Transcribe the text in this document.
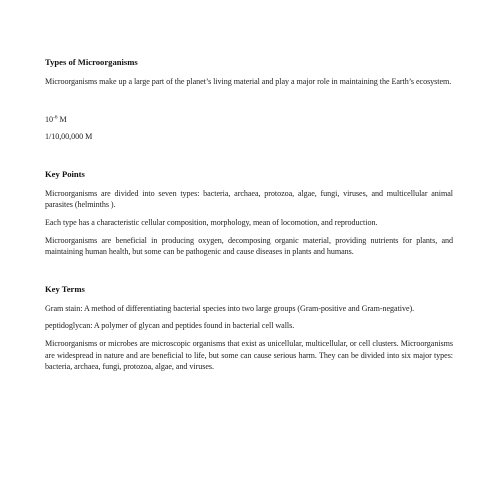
Types of Microorganisms

Microorganisms make up a large part of the planet’s living material and play a major role in maintaining the Earth’s ecosystem.

$10^{-6}$ M

1/10,00,000 M

Key Points

Microorganisms are divided into seven types: bacteria, archaea, protozoa, algae, fungi, viruses, and multicellular animal parasites (helminths ).

Each type has a characteristic cellular composition, morphology, mean of locomotion, and reproduction.

Microorganisms are beneficial in producing oxygen, decomposing organic material, providing nutrients for plants, and maintaining human health, but some can be pathogenic and cause diseases in plants and humans.

Key Terms

Gram stain: A method of differentiating bacterial species into two large groups (Gram-positive and Gram-negative).

peptidoglycan: A polymer of glycan and peptides found in bacterial cell walls.

Microorganisms or microbes are microscopic organisms that exist as unicellular, multicellular, or cell clusters. Microorganisms are widespread in nature and are beneficial to life, but some can cause serious harm. They can be divided into six major types: bacteria, archaea, fungi, protozoa, algae, and viruses.
